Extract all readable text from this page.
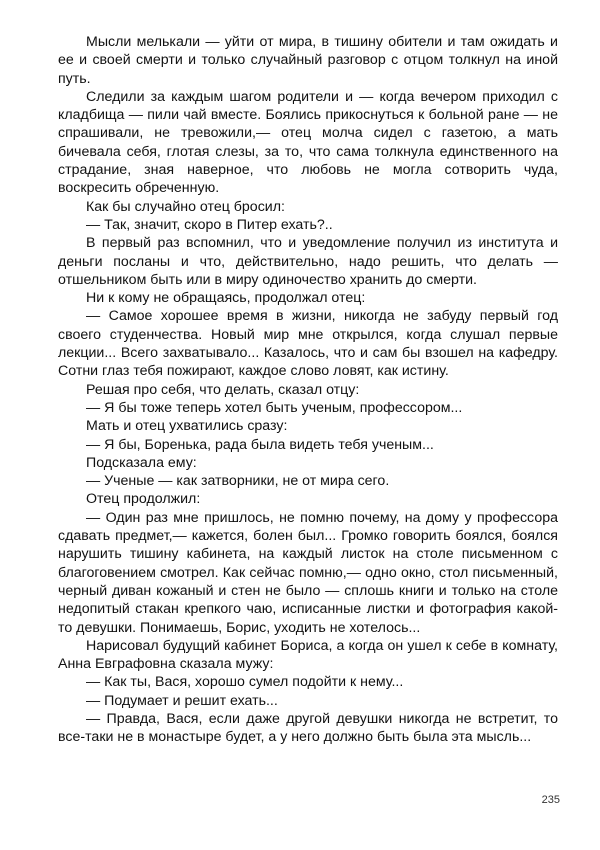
Мысли мелькали — уйти от мира, в тишину обители и там ожидать и ее и своей смерти и только случайный разговор с отцом толкнул на иной путь.

Следили за каждым шагом родители и — когда вечером приходил с кладбища — пили чай вместе. Боялись прикоснуться к больной ране — не спрашивали, не тревожили,— отец молча сидел с газетою, а мать бичевала себя, глотая слезы, за то, что сама толкнула единственного на страдание, зная наверное, что любовь не могла сотворить чуда, воскресить обреченную.

Как бы случайно отец бросил:

— Так, значит, скоро в Питер ехать?..

В первый раз вспомнил, что и уведомление получил из института и деньги посланы и что, действительно, надо решить, что делать — отшельником быть или в миру одиночество хранить до смерти.

Ни к кому не обращаясь, продолжал отец:

— Самое хорошее время в жизни, никогда не забуду первый год своего студенчества. Новый мир мне открылся, когда слушал первые лекции... Всего захватывало... Казалось, что и сам бы взошел на кафедру. Сотни глаз тебя пожирают, каждое слово ловят, как истину.

Решая про себя, что делать, сказал отцу:

— Я бы тоже теперь хотел быть ученым, профессором...

Мать и отец ухватились сразу:

— Я бы, Боренька, рада была видеть тебя ученым...

Подсказала ему:

— Ученые — как затворники, не от мира сего.

Отец продолжил:

— Один раз мне пришлось, не помню почему, на дому у профессора сдавать предмет,— кажется, болен был... Громко говорить боялся, боялся нарушить тишину кабинета, на каждый листок на столе письменном с благоговением смотрел. Как сейчас помню,— одно окно, стол письменный, черный диван кожаный и стен не было — сплошь книги и только на столе недопитый стакан крепкого чаю, исписанные листки и фотография какой-то девушки. Понимаешь, Борис, уходить не хотелось...

Нарисовал будущий кабинет Бориса, а когда он ушел к себе в комнату, Анна Евграфовна сказала мужу:

— Как ты, Вася, хорошо сумел подойти к нему...

— Подумает и решит ехать...

— Правда, Вася, если даже другой девушки никогда не встретит, то все-таки не в монастыре будет, а у него должно быть была эта мысль...

235
